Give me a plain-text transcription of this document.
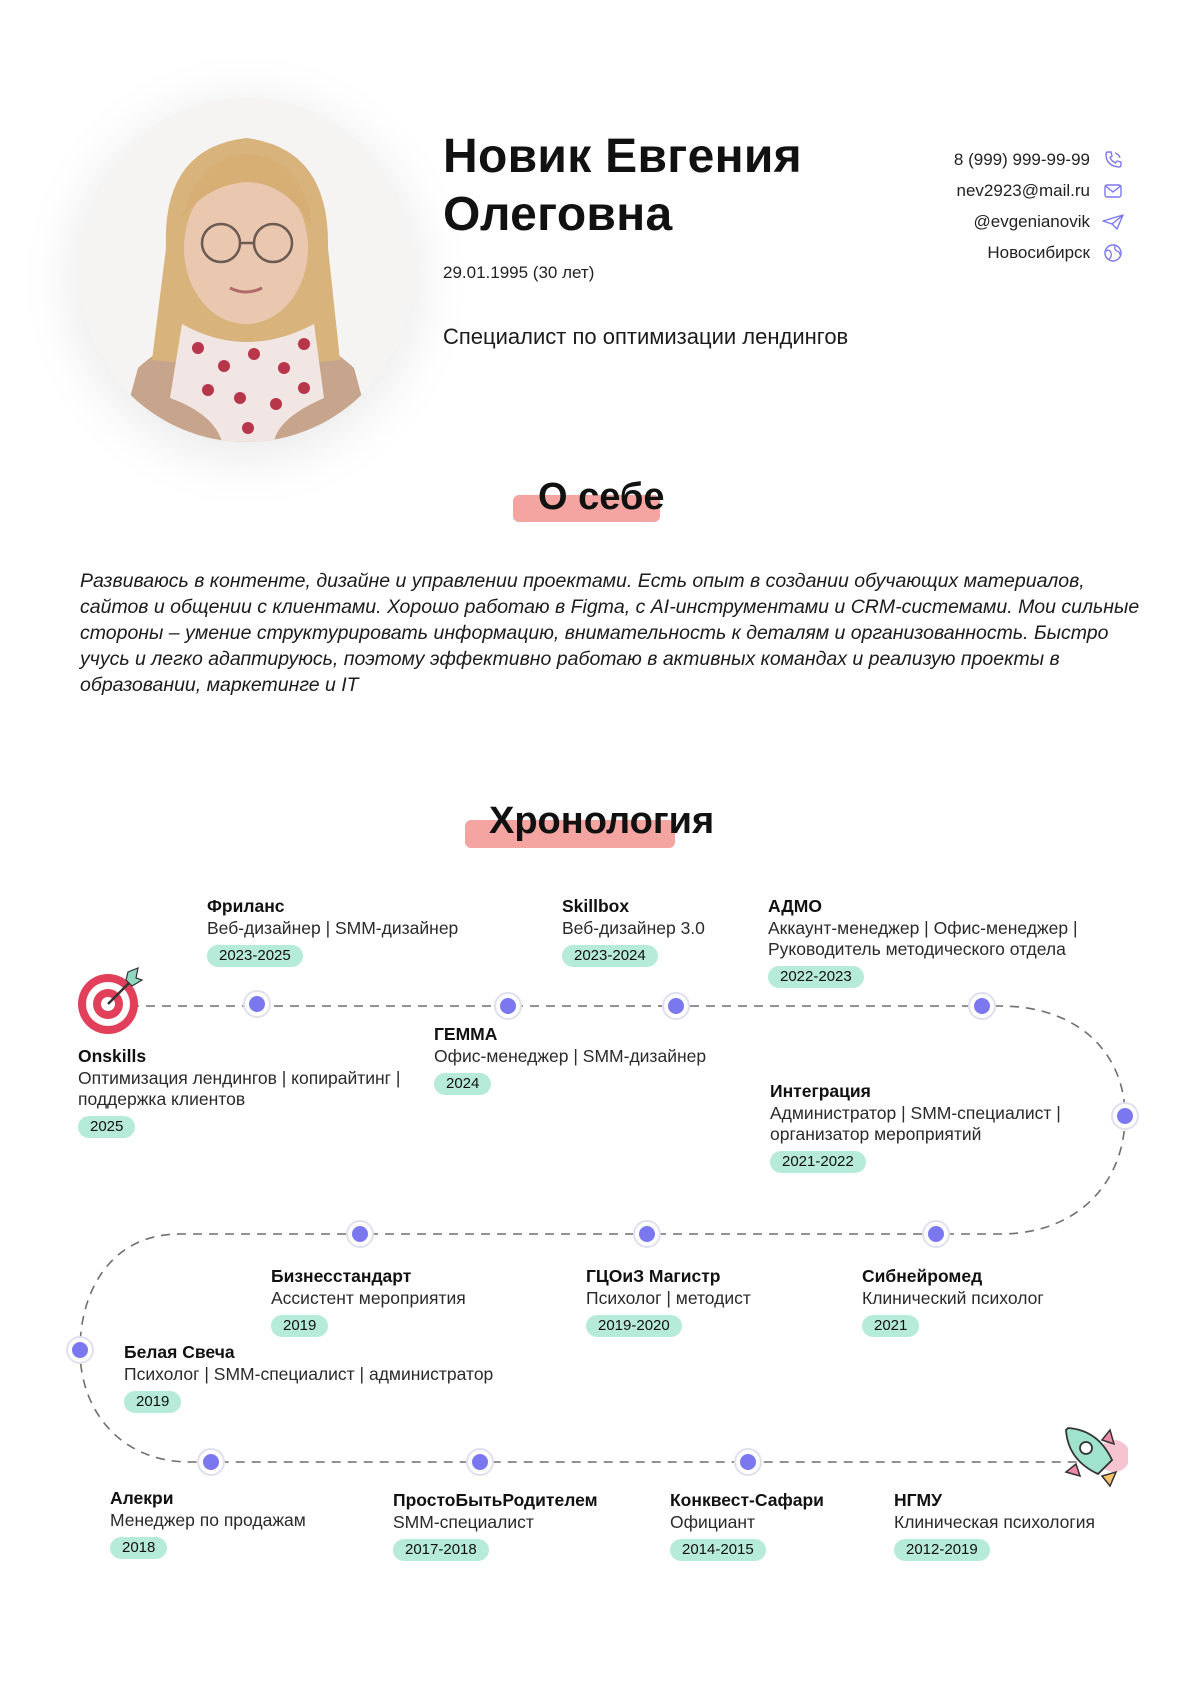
Новик Евгения
Олеговна
29.01.1995 (30 лет)
Специалист по оптимизации лендингов
8 (999) 999-99-99
nev2923@mail.ru
@evgenianovik
Новосибирск
О себе
Развиваюсь в контенте, дизайне и управлении проектами. Есть опыт в создании обучающих материалов, сайтов и общении с клиентами. Хорошо работаю в Figma, с AI-инструментами и CRM-системами. Мои сильные стороны – умение структурировать информацию, внимательность к деталям и организованность. Быстро учусь и легко адаптируюсь, поэтому эффективно работаю в активных командах и реализую проекты в образовании, маркетинге и IT
Хронология
Onskills
Оптимизация лендингов | копирайтинг | поддержка клиентов
2025
Фриланс
Веб-дизайнер | SMM-дизайнер
2023-2025
ГЕММА
Офис-менеджер | SMM-дизайнер
2024
Skillbox
Веб-дизайнер 3.0
2023-2024
АДМО
Аккаунт-менеджер | Офис-менеджер | Руководитель методического отдела
2022-2023
Интеграция
Администратор | SMM-специалист | организатор мероприятий
2021-2022
Сибнейромед
Клинический психолог
2021
ГЦОиЗ Магистр
Психолог | методист
2019-2020
Бизнесстандарт
Ассистент мероприятия
2019
Белая Свеча
Психолог | SMM-специалист | администратор
2019
Алекри
Менеджер по продажам
2018
ПростоБытьРодителем
SMM-специалист
2017-2018
Конквест-Сафари
Официант
2014-2015
НГМУ
Клиническая психология
2012-2019
